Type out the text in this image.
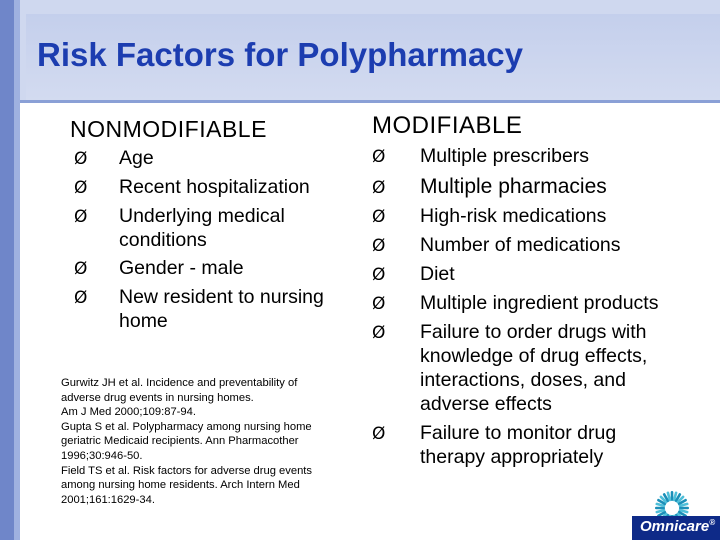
Risk Factors for Polypharmacy
NONMODIFIABLE	MODIFIABLE
Ø Age
Ø Recent hospitalization
Ø Underlying medical
conditions
Ø Gender - male
Ø New resident to nursing
home
Ø Multiple prescribers
Ø Multiple pharmacies
Ø High-risk medications
Ø Number of medications
Ø Diet
Ø Multiple ingredient products
Ø Failure to order drugs with
knowledge of drug effects,
interactions, doses, and
adverse effects
Ø Failure to monitor drug
therapy appropriately
Gurwitz JH et al. Incidence and preventability of
adverse drug events in nursing homes.
Am J Med 2000;109:87-94.
Gupta S et al. Polypharmacy among nursing home
geriatric Medicaid recipients. Ann Pharmacother
1996;30:946-50.
Field TS et al. Risk factors for adverse drug events
among nursing home residents. Arch Intern Med
2001;161:1629-34.
Omnicare®
